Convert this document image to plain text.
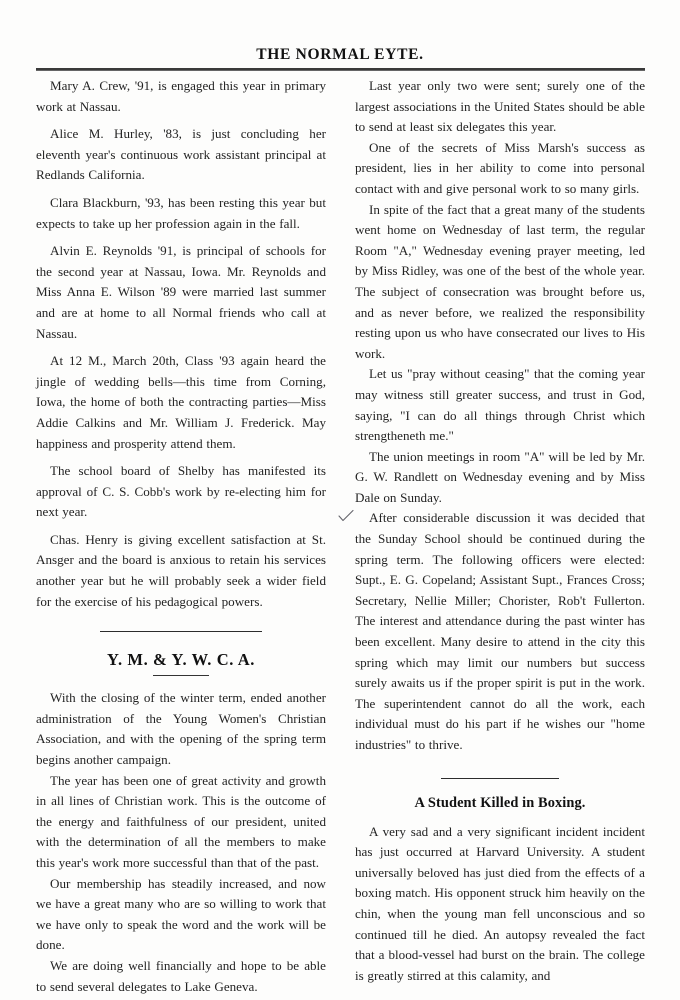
THE NORMAL EYTE.

Mary A. Crew, '91, is engaged this year in primary work at Nassau.

Alice M. Hurley, '83, is just concluding her eleventh year's continuous work assistant principal at Redlands California.

Clara Blackburn, '93, has been resting this year but expects to take up her profession again in the fall.

Alvin E. Reynolds '91, is principal of schools for the second year at Nassau, Iowa. Mr. Reynolds and Miss Anna E. Wilson '89 were married last summer and are at home to all Normal friends who call at Nassau.

At 12 M., March 20th, Class '93 again heard the jingle of wedding bells—this time from Corning, Iowa, the home of both the contracting parties—Miss Addie Calkins and Mr. William J. Frederick. May happiness and prosperity attend them.

The school board of Shelby has manifested its approval of C. S. Cobb's work by re-electing him for next year.

Chas. Henry is giving excellent satisfaction at St. Ansger and the board is anxious to retain his services another year but he will probably seek a wider field for the exercise of his pedagogical powers.

Y. M. & Y. W. C. A.

With the closing of the winter term, ended another administration of the Young Women's Christian Association, and with the opening of the spring term begins another campaign.

The year has been one of great activity and growth in all lines of Christian work. This is the outcome of the energy and faithfulness of our president, united with the determination of all the members to make this year's work more successful than that of the past.

Our membership has steadily increased, and now we have a great many who are so willing to work that we have only to speak the word and the work will be done.

We are doing well financially and hope to be able to send several delegates to Lake Geneva.

Last year only two were sent; surely one of the largest associations in the United States should be able to send at least six delegates this year.

One of the secrets of Miss Marsh's success as president, lies in her ability to come into personal contact with and give personal work to so many girls.

In spite of the fact that a great many of the students went home on Wednesday of last term, the regular Room "A," Wednesday evening prayer meeting, led by Miss Ridley, was one of the best of the whole year. The subject of consecration was brought before us, and as never before, we realized the responsibility resting upon us who have consecrated our lives to His work.

Let us "pray without ceasing" that the coming year may witness still greater success, and trust in God, saying, "I can do all things through Christ which strengtheneth me."

The union meetings in room "A" will be led by Mr. G. W. Randlett on Wednesday evening and by Miss Dale on Sunday.

After considerable discussion it was decided that the Sunday School should be continued during the spring term. The following officers were elected: Supt., E. G. Copeland; Assistant Supt., Frances Cross; Secretary, Nellie Miller; Chorister, Rob't Fullerton. The interest and attendance during the past winter has been excellent. Many desire to attend in the city this spring which may limit our numbers but success surely awaits us if the proper spirit is put in the work. The superintendent cannot do all the work, each individual must do his part if he wishes our "home industries" to thrive.

A Student Killed in Boxing.

A very sad and a very significant incident incident has just occurred at Harvard University. A student universally beloved has just died from the effects of a boxing match. His opponent struck him heavily on the chin, when the young man fell unconscious and so continued till he died. An autopsy revealed the fact that a blood-vessel had burst on the brain. The college is greatly stirred at this calamity, and
